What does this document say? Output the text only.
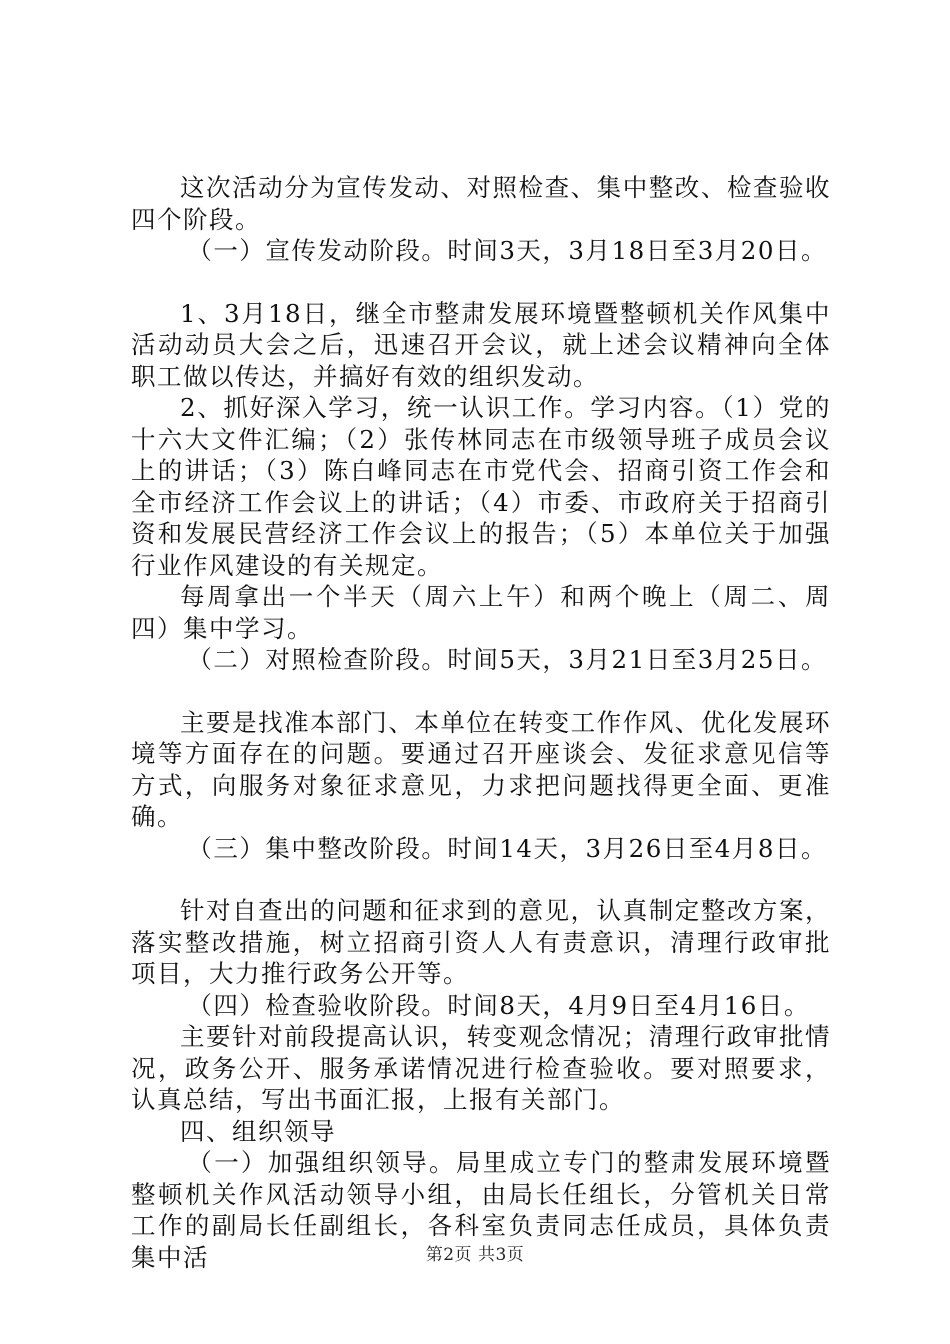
这次活动分为宣传发动、对照检查、集中整改、检查验收四个阶段。

（一）宣传发动阶段。时间3天，3月18日至3月20日。

1、3月18日，继全市整肃发展环境暨整顿机关作风集中活动动员大会之后，迅速召开会议，就上述会议精神向全体职工做以传达，并搞好有效的组织发动。

2、抓好深入学习，统一认识工作。学习内容。（1）党的十六大文件汇编；（2）张传林同志在市级领导班子成员会议上的讲话；（3）陈白峰同志在市党代会、招商引资工作会和全市经济工作会议上的讲话；（4）市委、市政府关于招商引资和发展民营经济工作会议上的报告；（5）本单位关于加强行业作风建设的有关规定。

每周拿出一个半天（周六上午）和两个晚上（周二、周四）集中学习。

（二）对照检查阶段。时间5天，3月21日至3月25日。

主要是找准本部门、本单位在转变工作作风、优化发展环境等方面存在的问题。要通过召开座谈会、发征求意见信等方式，向服务对象征求意见，力求把问题找得更全面、更准确。

（三）集中整改阶段。时间14天，3月26日至4月8日。

针对自查出的问题和征求到的意见，认真制定整改方案，落实整改措施，树立招商引资人人有责意识，清理行政审批项目，大力推行政务公开等。

（四）检查验收阶段。时间8天，4月9日至4月16日。

主要针对前段提高认识，转变观念情况；清理行政审批情况，政务公开、服务承诺情况进行检查验收。要对照要求，认真总结，写出书面汇报，上报有关部门。

四、组织领导

（一）加强组织领导。局里成立专门的整肃发展环境暨整顿机关作风活动领导小组，由局长任组长，分管机关日常工作的副局长任副组长，各科室负责同志任成员，具体负责集中活	第2页 共3页
